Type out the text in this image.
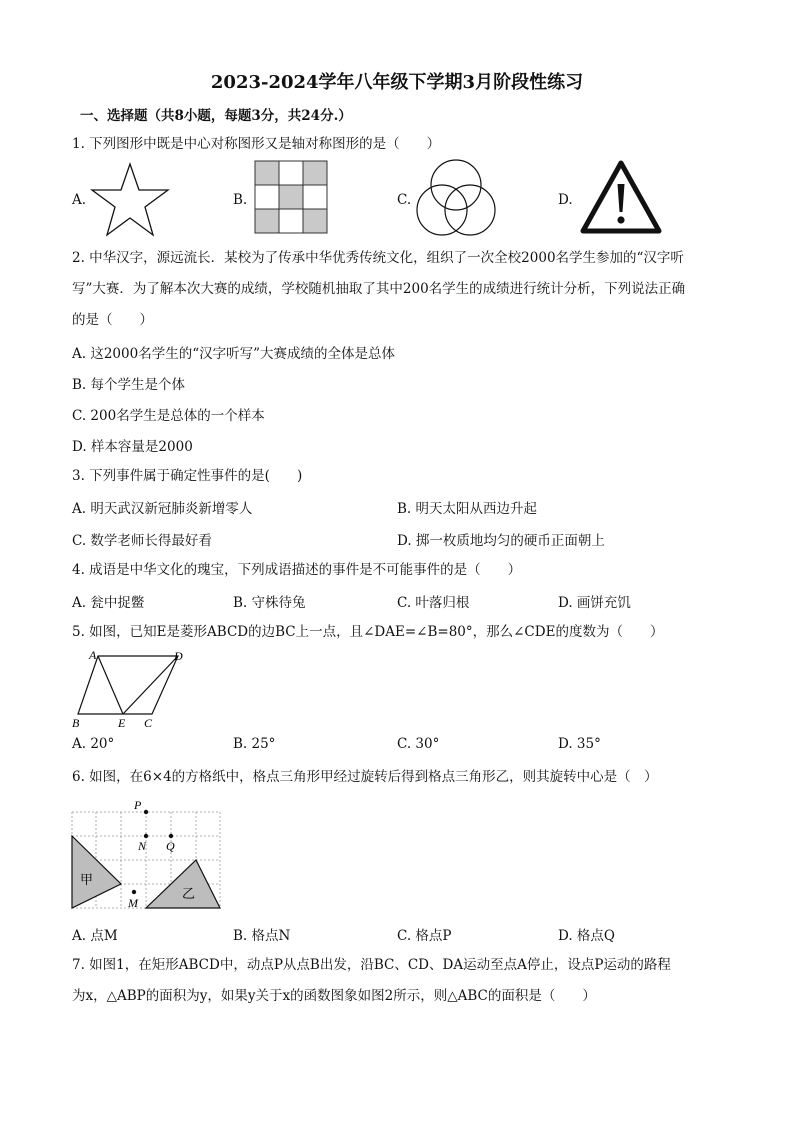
2023-2024学年八年级下学期3月阶段性练习
一、选择题（共8小题，每题3分，共24分.）
1. 下列图形中既是中心对称图形又是轴对称图形的是（　　）
A.	B.	C.	D.
2. 中华汉字，源远流长．某校为了传承中华优秀传统文化，组织了一次全校2000名学生参加的“汉字听
写”大赛．为了解本次大赛的成绩，学校随机抽取了其中200名学生的成绩进行统计分析，下列说法正确
的是（　　）
A. 这2000名学生的“汉字听写”大赛成绩的全体是总体
B. 每个学生是个体
C. 200名学生是总体的一个样本
D. 样本容量是2000
3. 下列事件属于确定性事件的是(　　)
A. 明天武汉新冠肺炎新增零人	B. 明天太阳从西边升起
C. 数学老师长得最好看	D. 掷一枚质地均匀的硬币正面朝上
4. 成语是中华文化的瑰宝，下列成语描述的事件是不可能事件的是（　　）
A. 瓮中捉鳖	B. 守株待兔	C. 叶落归根	D. 画饼充饥
5. 如图，已知E是菱形ABCD的边BC上一点，且∠DAE=∠B=80°，那么∠CDE的度数为（　　）
A	D
B	E C
A. 20°	B. 25°	C. 30°	D. 35°
6. 如图，在6×4的方格纸中，格点三角形甲经过旋转后得到格点三角形乙，则其旋转中心是（　）
P
N Q
M
甲
乙
A. 点M	B. 格点N	C. 格点P	D. 格点Q
7. 如图1，在矩形ABCD中，动点P从点B出发，沿BC、CD、DA运动至点A停止，设点P运动的路程
为x，△ABP的面积为y，如果y关于x的函数图象如图2所示，则△ABC的面积是（　　）
